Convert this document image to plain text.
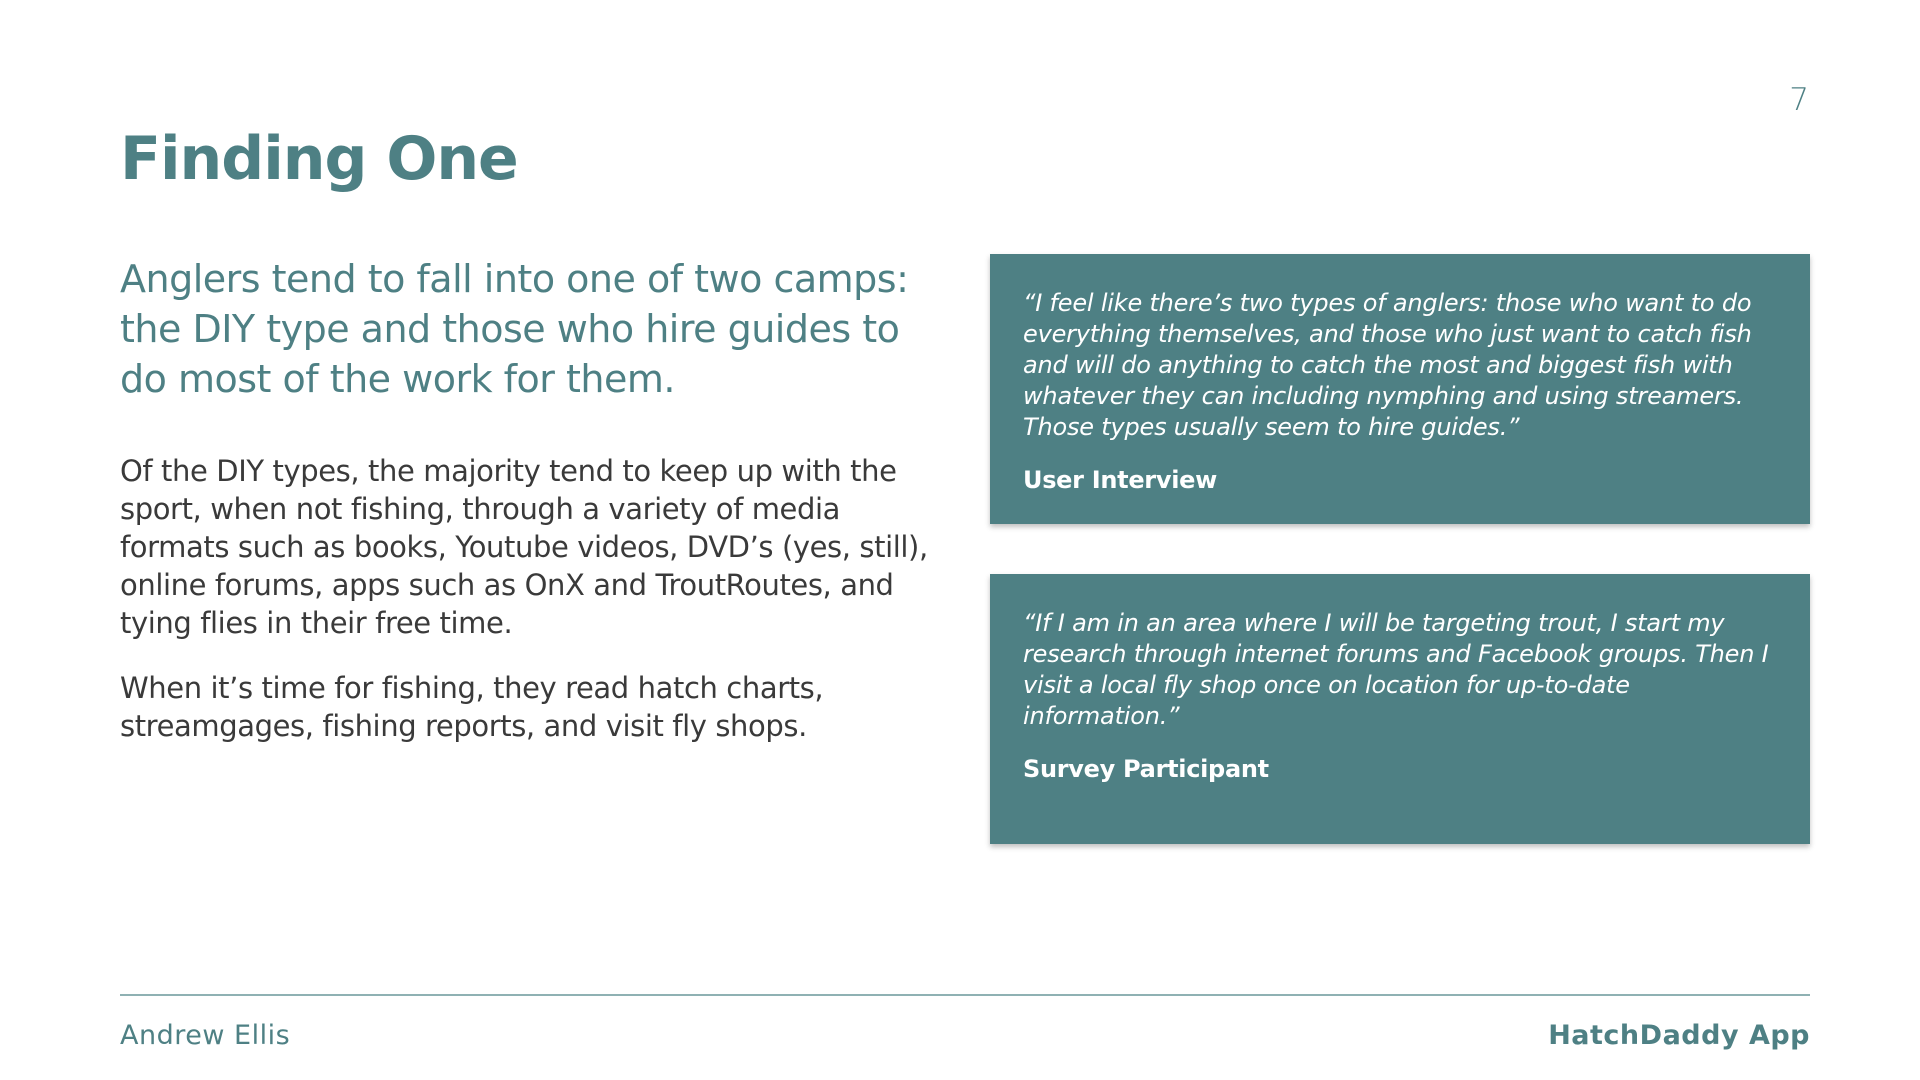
7
Finding One

Anglers tend to fall into one of two camps: the DIY type and those who hire guides to do most of the work for them.

Of the DIY types, the majority tend to keep up with the sport, when not fishing, through a variety of media formats such as books, Youtube videos, DVD’s (yes, still), online forums, apps such as OnX and TroutRoutes, and tying flies in their free time.

When it’s time for fishing, they read hatch charts, streamgages, fishing reports, and visit fly shops.

“I feel like there’s two types of anglers: those who want to do everything themselves, and those who just want to catch fish and will do anything to catch the most and biggest fish with whatever they can including nymphing and using streamers. Those types usually seem to hire guides.”

User Interview

“If I am in an area where I will be targeting trout, I start my research through internet forums and Facebook groups. Then I visit a local fly shop once on location for up-to-date information.”

Survey Participant

Andrew Ellis	HatchDaddy App
